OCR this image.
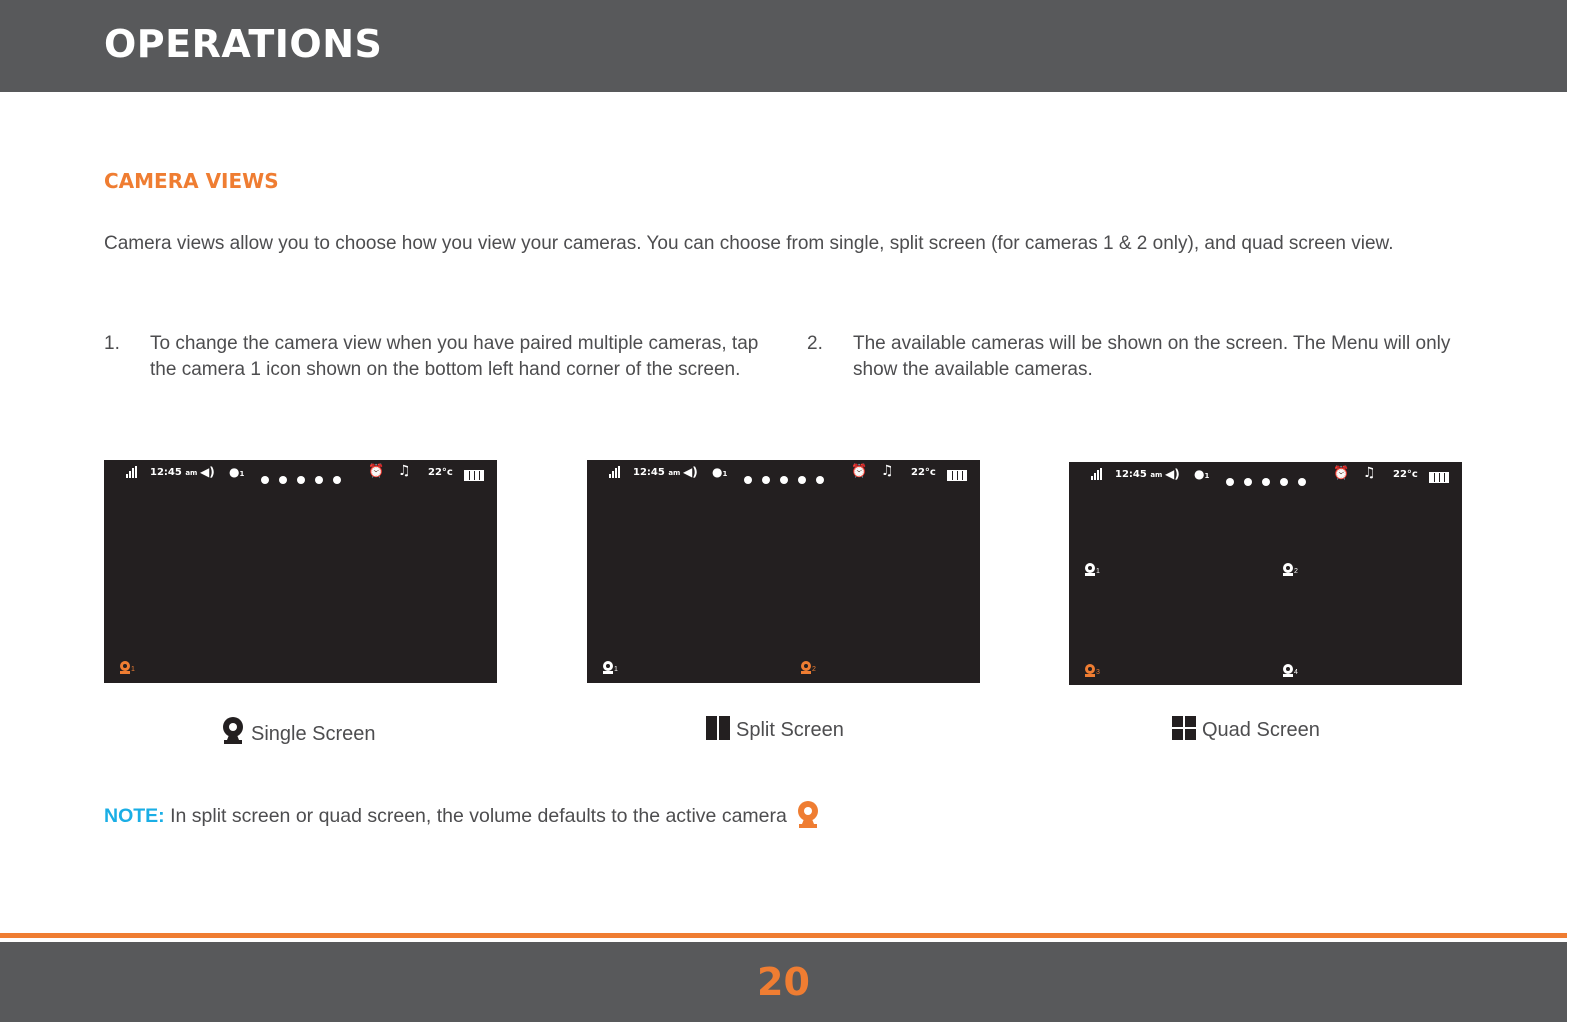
OPERATIONS
CAMERA VIEWS

Camera views allow you to choose how you view your cameras. You can choose from single, split screen (for cameras 1 & 2 only), and quad screen view.

1. To change the camera view when you have paired multiple cameras, tap the camera 1 icon shown on the bottom left hand corner of the screen.
2. The available cameras will be shown on the screen. The Menu will only show the available cameras.
12:45 am ◀︎) ●1	⏰ ♫ 22°c
1
12:45 am ◀︎) ●1	⏰ ♫ 22°c
1	2
12:45 am ◀︎) ●1	⏰ ♫ 22°c
1	2
3	4
Single Screen	Split Screen	Quad Screen
NOTE: In split screen or quad screen, the volume defaults to the active camera
20
